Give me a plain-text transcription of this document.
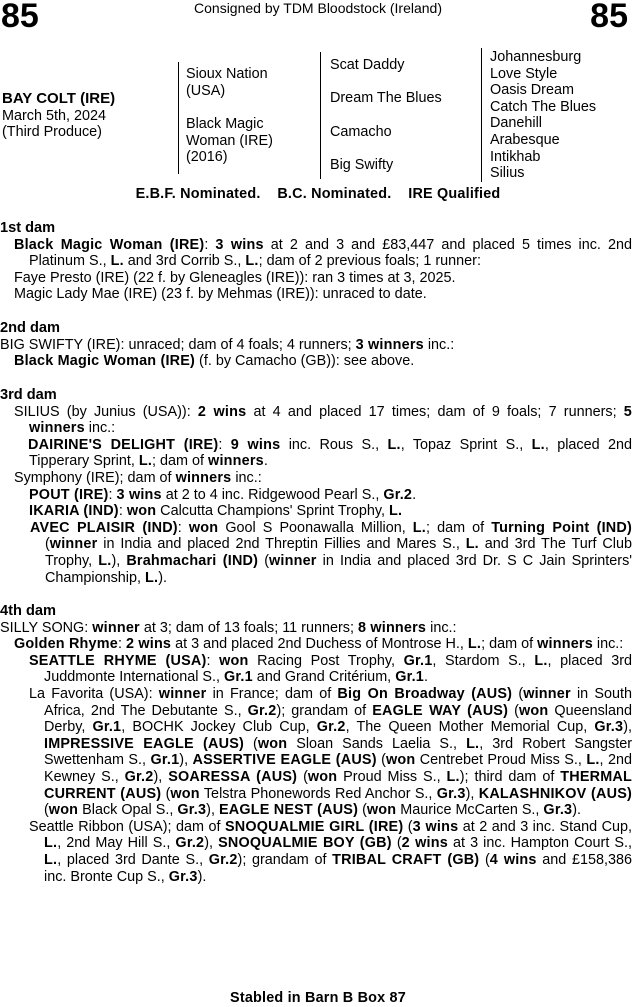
85	85
Consigned by TDM Bloodstock (Ireland)
BAY COLT (IRE)
March 5th, 2024
(Third Produce)
Sioux Nation
(USA)
Black Magic
Woman (IRE)
(2016)
Scat Daddy
Dream The Blues
Camacho
Big Swifty
Johannesburg
Love Style
Oasis Dream
Catch The Blues
Danehill
Arabesque
Intikhab
Silius
E.B.F. Nominated.    B.C. Nominated.    IRE Qualified

1st dam

Black Magic Woman (IRE): 3 wins at 2 and 3 and £83,447 and placed 5 times inc. 2nd Platinum S., L. and 3rd Corrib S., L.; dam of 2 previous foals; 1 runner:

Faye Presto (IRE) (22 f. by Gleneagles (IRE)): ran 3 times at 3, 2025.

Magic Lady Mae (IRE) (23 f. by Mehmas (IRE)): unraced to date.

2nd dam

BIG SWIFTY (IRE): unraced; dam of 4 foals; 4 runners; 3 winners inc.:

Black Magic Woman (IRE) (f. by Camacho (GB)): see above.

3rd dam

SILIUS (by Junius (USA)): 2 wins at 4 and placed 17 times; dam of 9 foals; 7 runners; 5 winners inc.:

DAIRINE'S DELIGHT (IRE): 9 wins inc. Rous S., L., Topaz Sprint S., L., placed 2nd Tipperary Sprint, L.; dam of winners.

Symphony (IRE); dam of winners inc.:

POUT (IRE): 3 wins at 2 to 4 inc. Ridgewood Pearl S., Gr.2.

IKARIA (IND): won Calcutta Champions' Sprint Trophy, L.

AVEC PLAISIR (IND): won Gool S Poonawalla Million, L.; dam of Turning Point (IND) (winner in India and placed 2nd Threptin Fillies and Mares S., L. and 3rd The Turf Club Trophy, L.), Brahmachari (IND) (winner in India and placed 3rd Dr. S C Jain Sprinters' Championship, L.).

4th dam

SILLY SONG: winner at 3; dam of 13 foals; 11 runners; 8 winners inc.:

Golden Rhyme: 2 wins at 3 and placed 2nd Duchess of Montrose H., L.; dam of winners inc.:

SEATTLE RHYME (USA): won Racing Post Trophy, Gr.1, Stardom S., L., placed 3rd Juddmonte International S., Gr.1 and Grand Critérium, Gr.1.

La Favorita (USA): winner in France; dam of Big On Broadway (AUS) (winner in South Africa, 2nd The Debutante S., Gr.2); grandam of EAGLE WAY (AUS) (won Queensland Derby, Gr.1, BOCHK Jockey Club Cup, Gr.2, The Queen Mother Memorial Cup, Gr.3), IMPRESSIVE EAGLE (AUS) (won Sloan Sands Laelia S., L., 3rd Robert Sangster Swettenham S., Gr.1), ASSERTIVE EAGLE (AUS) (won Centrebet Proud Miss S., L., 2nd Kewney S., Gr.2), SOARESSA (AUS) (won Proud Miss S., L.); third dam of THERMAL CURRENT (AUS) (won Telstra Phonewords Red Anchor S., Gr.3), KALASHNIKOV (AUS) (won Black Opal S., Gr.3), EAGLE NEST (AUS) (won Maurice McCarten S., Gr.3).

Seattle Ribbon (USA); dam of SNOQUALMIE GIRL (IRE) (3 wins at 2 and 3 inc. Stand Cup, L., 2nd May Hill S., Gr.2), SNOQUALMIE BOY (GB) (2 wins at 3 inc. Hampton Court S., L., placed 3rd Dante S., Gr.2); grandam of TRIBAL CRAFT (GB) (4 wins and £158,386 inc. Bronte Cup S., Gr.3).

Stabled in Barn B Box 87
